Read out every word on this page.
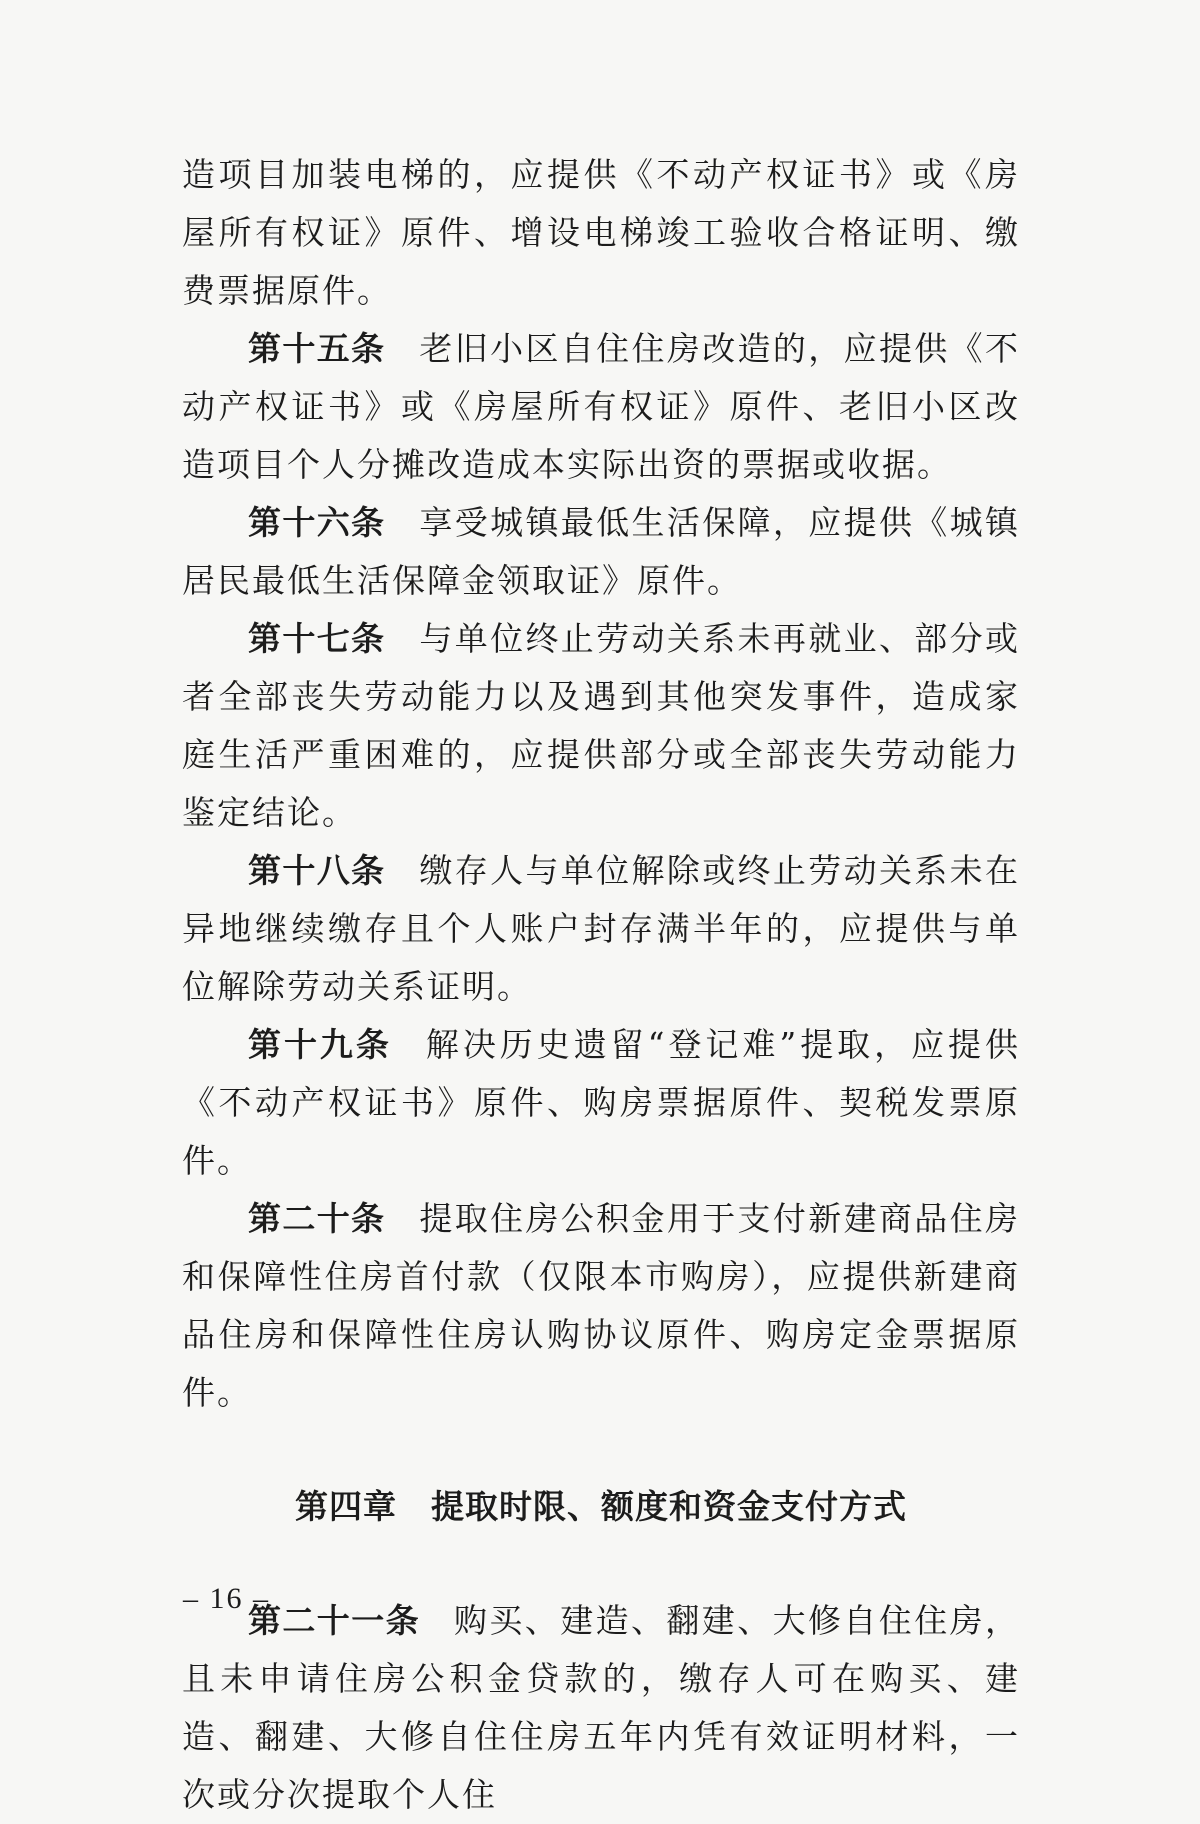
造项目加装电梯的，应提供《不动产权证书》或《房屋所有权证》原件、增设电梯竣工验收合格证明、缴费票据原件。

第十五条 老旧小区自住住房改造的，应提供《不动产权证书》或《房屋所有权证》原件、老旧小区改造项目个人分摊改造成本实际出资的票据或收据。

第十六条 享受城镇最低生活保障，应提供《城镇居民最低生活保障金领取证》原件。

第十七条 与单位终止劳动关系未再就业、部分或者全部丧失劳动能力以及遇到其他突发事件，造成家庭生活严重困难的，应提供部分或全部丧失劳动能力鉴定结论。

第十八条 缴存人与单位解除或终止劳动关系未在异地继续缴存且个人账户封存满半年的，应提供与单位解除劳动关系证明。

第十九条 解决历史遗留“登记难”提取，应提供《不动产权证书》原件、购房票据原件、契税发票原件。

第二十条 提取住房公积金用于支付新建商品住房和保障性住房首付款（仅限本市购房），应提供新建商品住房和保障性住房认购协议原件、购房定金票据原件。

第四章 提取时限、额度和资金支付方式

第二十一条 购买、建造、翻建、大修自住住房，且未申请住房公积金贷款的，缴存人可在购买、建造、翻建、大修自住住房五年内凭有效证明材料，一次或分次提取个人住

– 16 –
